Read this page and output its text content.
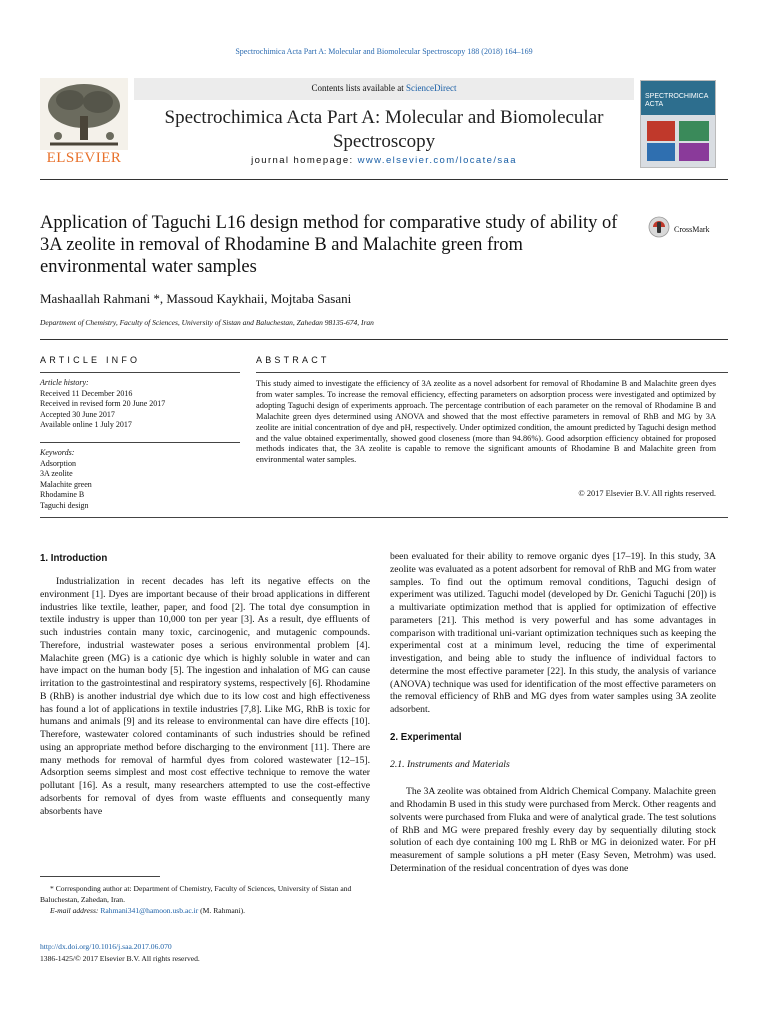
Spectrochimica Acta Part A: Molecular and Biomolecular Spectroscopy 188 (2018) 164–169
ELSEVIER
Contents lists available at ScienceDirect
Spectrochimica Acta Part A: Molecular and Biomolecular
Spectroscopy
journal homepage: www.elsevier.com/locate/saa
SPECTROCHIMICA ACTA
Application of Taguchi L16 design method for comparative study of ability of 3A zeolite in removal of Rhodamine B and Malachite green from environmental water samples
CrossMark
Mashaallah Rahmani *, Massoud Kaykhaii, Mojtaba Sasani
Department of Chemistry, Faculty of Sciences, University of Sistan and Baluchestan, Zahedan 98135-674, Iran
ARTICLE INFO	ABSTRACT
Article history:
Received 11 December 2016
Received in revised form 20 June 2017
Accepted 30 June 2017
Available online 1 July 2017
Keywords:
Adsorption
3A zeolite
Malachite green
Rhodamine B
Taguchi design
This study aimed to investigate the efficiency of 3A zeolite as a novel adsorbent for removal of Rhodamine B and Malachite green dyes from water samples. To increase the removal efficiency, effecting parameters on adsorption process were investigated and optimized by adopting Taguchi design of experiments approach. The percentage contribution of each parameter on the removal of Rhodamine B and Malachite green dyes determined using ANOVA and showed that the most effective parameters in removal of RhB and MG by 3A zeolite are initial concentration of dye and pH, respectively. Under optimized condition, the amount predicted by Taguchi design method and the value obtained experimentally, showed good closeness (more than 94.86%). Good adsorption efficiency obtained for proposed methods indicates that, the 3A zeolite is capable to remove the significant amounts of Rhodamine B and Malachite green from environmental water samples.
© 2017 Elsevier B.V. All rights reserved.
1. Introduction

Industrialization in recent decades has left its negative effects on the environment [1]. Dyes are important because of their broad applications in different industries like textile, leather, paper, and food [2]. The total dye consumption in textile industry is upper than 10,000 ton per year [3]. As a result, dye effluents of such industries contain many toxic, carcinogenic, and mutagenic compounds. Therefore, industrial wastewater poses a serious environmental problem [4]. Malachite green (MG) is a cationic dye which is highly soluble in water and can have impact on the human body [5]. The ingestion and inhalation of MG can cause irritation to the gastrointestinal and respiratory systems, respectively [6]. Rhodamine B (RhB) is another industrial dye which due to its low cost and high effectiveness has found a lot of applications in textile industries [7,8]. Like MG, RhB is toxic for humans and animals [9] and its release to environmental can have dire effects [10]. Therefore, wastewater colored contaminants of such industries should be refined using an appropriate method before discharging to the environment [11]. There are many methods for removal of harmful dyes from colored wastewater [12–15]. Adsorption seems simplest and most cost effective technique to remove the water pollutant [16]. As a result, many researchers attempted to use the cost-effective adsorbents for removal of dyes from waste effluents and consequently many absorbents have

been evaluated for their ability to remove organic dyes [17–19]. In this study, 3A zeolite was evaluated as a potent adsorbent for removal of RhB and MG from water samples. To find out the optimum removal conditions, Taguchi design of experiment was utilized. Taguchi model (developed by Dr. Genichi Taguchi [20]) is a multivariate optimization method that is applied for optimization of effective parameters [21]. This method is very powerful and has some advantages in comparison with traditional uni-variant optimization techniques such as keeping the experimental cost at a minimum level, reducing the time of experimental investigation, and being able to study the influence of individual factors to determine the most effective parameter [22]. In this study, the analysis of variance (ANOVA) technique was used for identification of the most effective parameters on the removal efficiency of RhB and MG dyes from water samples using 3A zeolite adsorbent.

2. Experimental
2.1. Instruments and Materials

The 3A zeolite was obtained from Aldrich Chemical Company. Malachite green and Rhodamin B used in this study were purchased from Merck. Other reagents and solvents were purchased from Fluka and were of analytical grade. The test solutions of RhB and MG were prepared freshly every day by sequentially diluting stock solution of each dye containing 100 mg L RhB or MG in deionized water. For pH measurement of sample solutions a pH meter (Easy Seven, Metrohm) was used. Determination of the residual concentration of dyes was done

* Corresponding author at: Department of Chemistry, Faculty of Sciences, University of Sistan and Baluchestan, Zahedan, Iran.
E-mail address: Rahmani341@hamoon.usb.ac.ir (M. Rahmani).
http://dx.doi.org/10.1016/j.saa.2017.06.070
1386-1425/© 2017 Elsevier B.V. All rights reserved.
